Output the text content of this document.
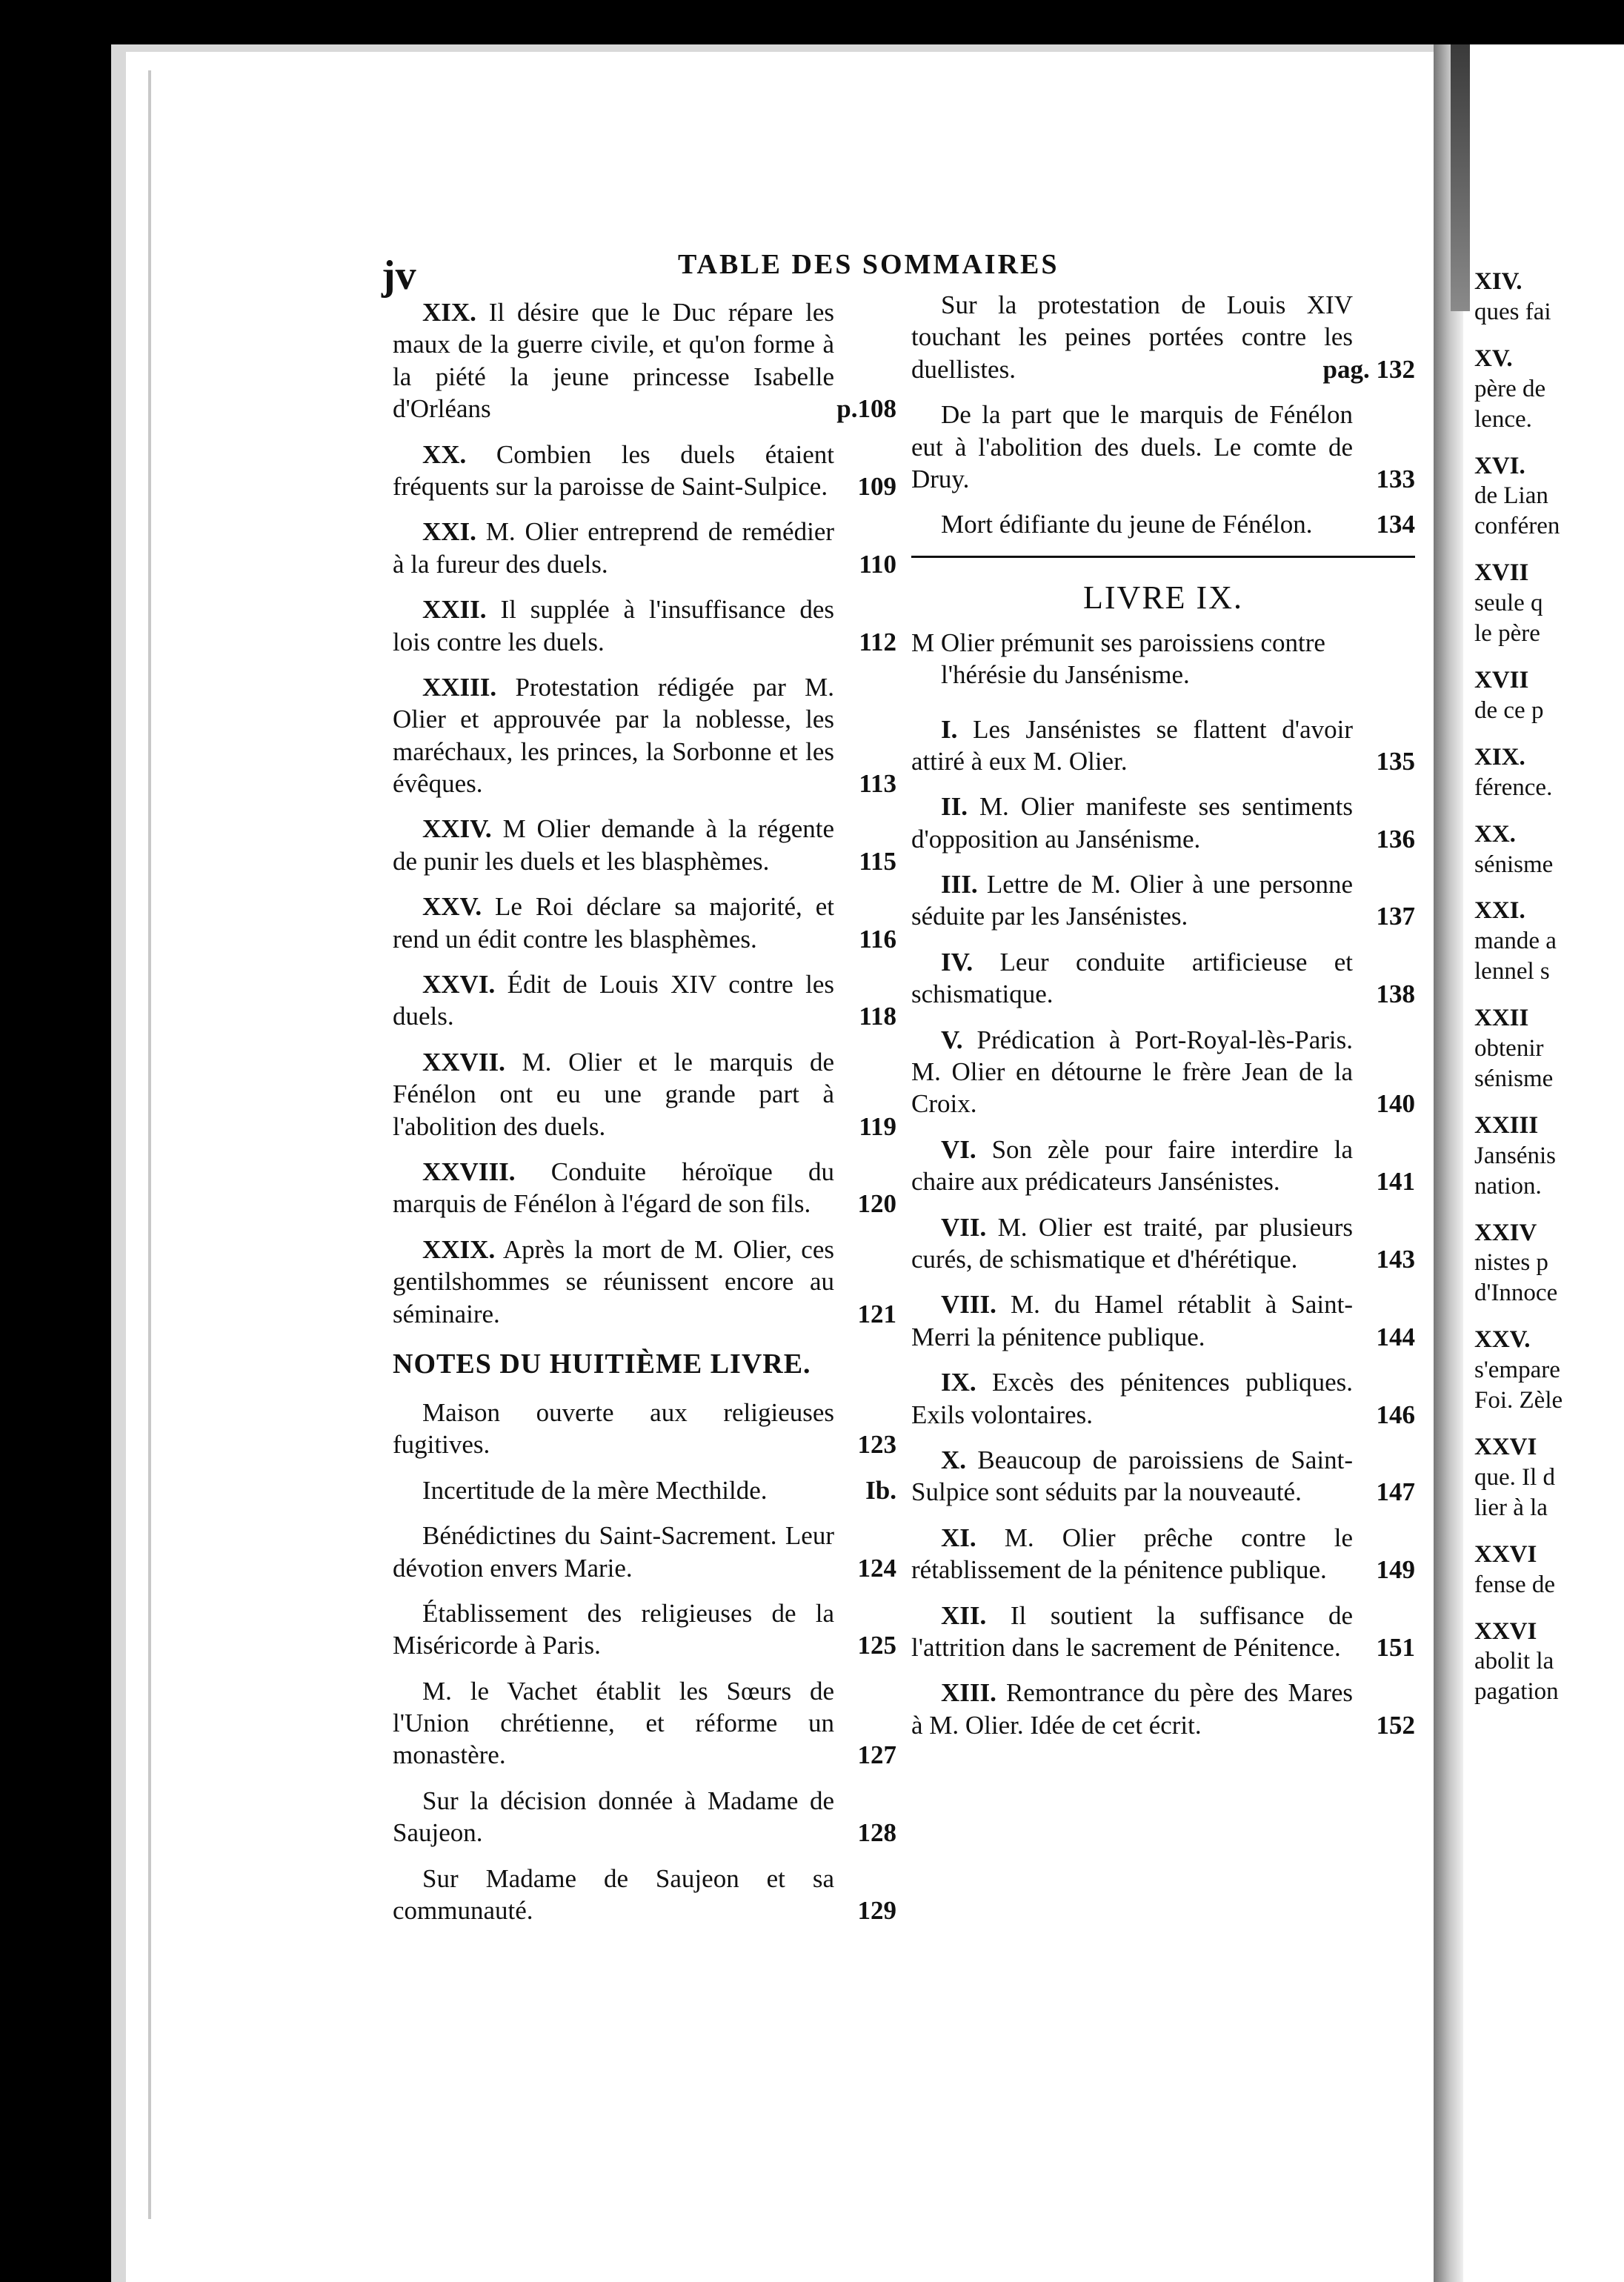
jv	TABLE DES SOMMAIRES
XIX. Il désire que le Duc répare les maux de la guerre civile, et qu'on forme à la piété la jeune princesse Isabelle d'Orléans	p.108
XX. Combien les duels étaient fréquents sur la paroisse de Saint-Sulpice.	109
XXI. M. Olier entreprend de remédier à la fureur des duels.	110
XXII. Il supplée à l'insuffisance des lois contre les duels.	112
XXIII. Protestation rédigée par M. Olier et approuvée par la noblesse, les maréchaux, les princes, la Sorbonne et les évêques.	113
XXIV. M Olier demande à la régente de punir les duels et les blasphèmes.	115
XXV. Le Roi déclare sa majorité, et rend un édit contre les blasphèmes.	116
XXVI. Édit de Louis XIV contre les duels.	118
XXVII. M. Olier et le marquis de Fénélon ont eu une grande part à l'abolition des duels.	119
XXVIII. Conduite héroïque du marquis de Fénélon à l'égard de son fils.	120
XXIX. Après la mort de M. Olier, ces gentilshommes se réunissent encore au séminaire.	121
NOTES DU HUITIÈME LIVRE.
Maison ouverte aux religieuses fugitives.	123
Incertitude de la mère Mecthilde.	Ib.
Bénédictines du Saint-Sacrement. Leur dévotion envers Marie.	124
Établissement des religieuses de la Miséricorde à Paris.	125
M. le Vachet établit les Sœurs de l'Union chrétienne, et réforme un monastère.	127
Sur la décision donnée à Madame de Saujeon.	128
Sur Madame de Saujeon et sa communauté.	129
Sur la protestation de Louis XIV touchant les peines portées contre les duellistes.	pag. 132
De la part que le marquis de Fénélon eut à l'abolition des duels. Le comte de Druy.	133
Mort édifiante du jeune de Fénélon.	134
LIVRE IX.
M Olier prémunit ses paroissiens contre l'hérésie du Jansénisme.
I. Les Jansénistes se flattent d'avoir attiré à eux M. Olier.	135
II. M. Olier manifeste ses sentiments d'opposition au Jansénisme.	136
III. Lettre de M. Olier à une personne séduite par les Jansénistes.	137
IV. Leur conduite artificieuse et schismatique.	138
V. Prédication à Port-Royal-lès-Paris. M. Olier en détourne le frère Jean de la Croix.	140
VI. Son zèle pour faire interdire la chaire aux prédicateurs Jansénistes.	141
VII. M. Olier est traité, par plusieurs curés, de schismatique et d'hérétique.	143
VIII. M. du Hamel rétablit à Saint-Merri la pénitence publique.	144
IX. Excès des pénitences publiques. Exils volontaires.	146
X. Beaucoup de paroissiens de Saint-Sulpice sont séduits par la nouveauté.	147
XI. M. Olier prêche contre le rétablissement de la pénitence publique.	149
XII. Il soutient la suffisance de l'attrition dans le sacrement de Pénitence.	151
XIII. Remontrance du père des Mares à M. Olier. Idée de cet écrit.	152
XIV.
ques fai
XV.
père de
lence.
XVI.
de Lian
conféren
XVII
seule q
le père
XVII
de ce p
XIX.
férence.
XX.
sénisme
XXI.
mande a
lennel s
XXII
obtenir
sénisme
XXIII
Jansénis
nation.
XXIV
nistes p
d'Innoce
XXV.
s'empare
Foi. Zèle
XXVI
que. Il d
lier à la
XXVI
fense de
XXVI
abolit la
pagation
